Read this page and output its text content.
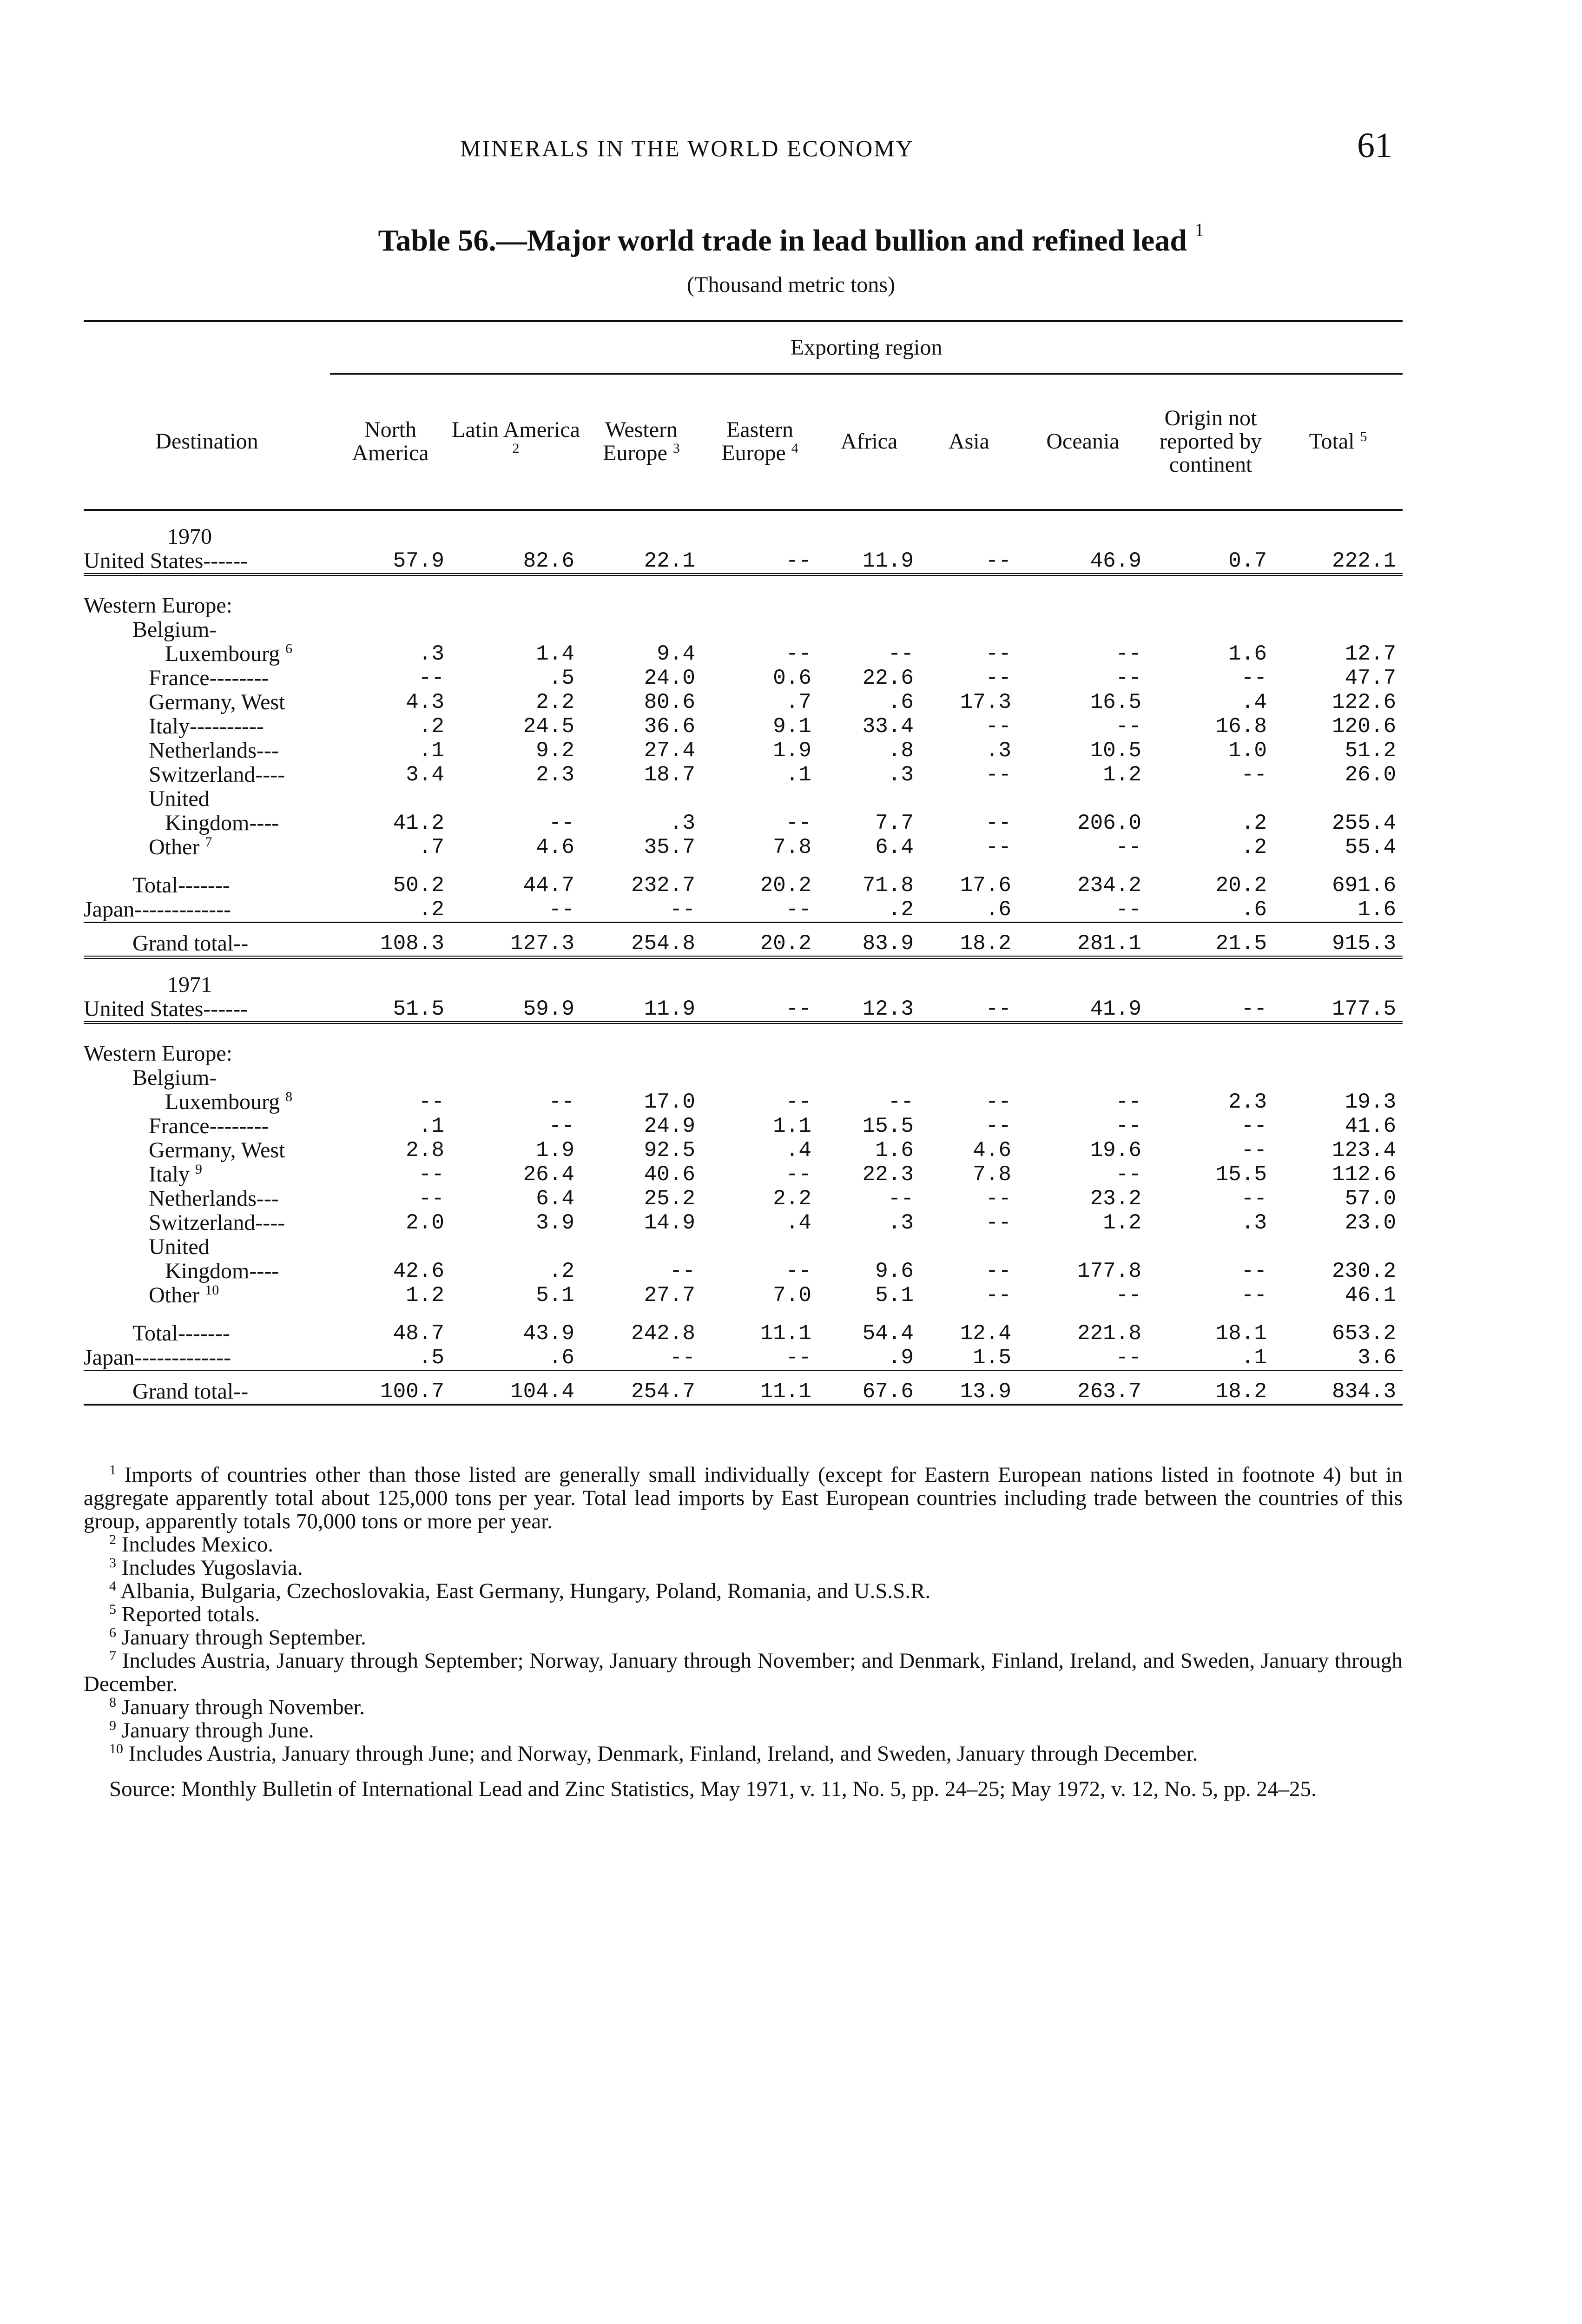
MINERALS IN THE WORLD ECONOMY	61
Table 56.—Major world trade in lead bullion and refined lead $^1$
(Thousand metric tons)
	Exporting region								
Destination	North America	Latin America $^2$	Western Europe $^3$	Eastern Europe $^4$	Africa	Asia	Oceania	Origin not reported by continent	Total $^5$
1970									
United States------	57.9	82.6	22.1	--	11.9	--	46.9	0.7	222.1
Western Europe:									
Belgium-									
Luxembourg $^6$	.3	1.4	9.4	--	--	--	--	1.6	12.7
France--------	--	.5	24.0	0.6	22.6	--	--	--	47.7
Germany, West	4.3	2.2	80.6	.7	.6	17.3	16.5	.4	122.6
Italy----------	.2	24.5	36.6	9.1	33.4	--	--	16.8	120.6
Netherlands---	.1	9.2	27.4	1.9	.8	.3	10.5	1.0	51.2
Switzerland----	3.4	2.3	18.7	.1	.3	--	1.2	--	26.0
United									
Kingdom----	41.2	--	.3	--	7.7	--	206.0	.2	255.4
Other $^7$	.7	4.6	35.7	7.8	6.4	--	--	.2	55.4

Total-------	50.2	44.7	232.7	20.2	71.8	17.6	234.2	20.2	691.6
Japan-------------	.2	--	--	--	.2	.6	--	.6	1.6
Grand total--	108.3	127.3	254.8	20.2	83.9	18.2	281.1	21.5	915.3
1971									
United States------	51.5	59.9	11.9	--	12.3	--	41.9	--	177.5
Western Europe:									
Belgium-									
Luxembourg $^8$	--	--	17.0	--	--	--	--	2.3	19.3
France--------	.1	--	24.9	1.1	15.5	--	--	--	41.6
Germany, West	2.8	1.9	92.5	.4	1.6	4.6	19.6	--	123.4
Italy $^9$	--	26.4	40.6	--	22.3	7.8	--	15.5	112.6
Netherlands---	--	6.4	25.2	2.2	--	--	23.2	--	57.0
Switzerland----	2.0	3.9	14.9	.4	.3	--	1.2	.3	23.0
United									
Kingdom----	42.6	.2	--	--	9.6	--	177.8	--	230.2
Other $^{10}$	1.2	5.1	27.7	7.0	5.1	--	--	--	46.1

Total-------	48.7	43.9	242.8	11.1	54.4	12.4	221.8	18.1	653.2
Japan-------------	.5	.6	--	--	.9	1.5	--	.1	3.6
Grand total--	100.7	104.4	254.7	11.1	67.6	13.9	263.7	18.2	834.3

$^1$ Imports of countries other than those listed are generally small individually (except for Eastern European nations listed in footnote 4) but in aggregate apparently total about 125,000 tons per year. Total lead imports by East European countries including trade between the countries of this group, apparently totals 70,000 tons or more per year.

$^2$ Includes Mexico.

$^3$ Includes Yugoslavia.

$^4$ Albania, Bulgaria, Czechoslovakia, East Germany, Hungary, Poland, Romania, and U.S.S.R.

$^5$ Reported totals.

$^6$ January through September.

$^7$ Includes Austria, January through September; Norway, January through November; and Denmark, Finland, Ireland, and Sweden, January through December.

$^8$ January through November.

$^9$ January through June.

$^{10}$ Includes Austria, January through June; and Norway, Denmark, Finland, Ireland, and Sweden, January through December.

Source: Monthly Bulletin of International Lead and Zinc Statistics, May 1971, v. 11, No. 5, pp. 24–25; May 1972, v. 12, No. 5, pp. 24–25.
